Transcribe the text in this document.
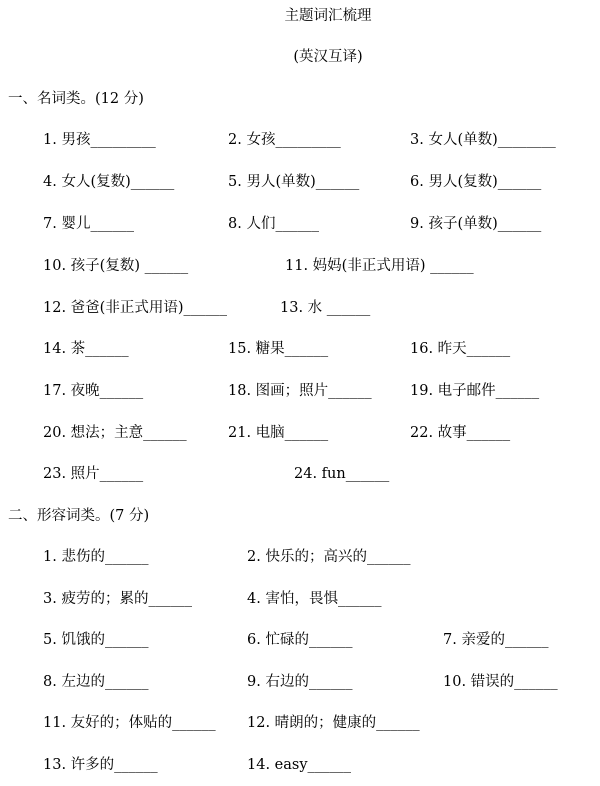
主题词汇梳理
(英汉互译)
一、名词类。(12 分)
1. 男孩_________	2. 女孩_________	3. 女人(单数)________
4. 女人(复数)______	5. 男人(单数)______	6. 男人(复数)______
7. 婴儿______	8. 人们______	9. 孩子(单数)______
10. 孩子(复数) ______	11. 妈妈(非正式用语) ______
12. 爸爸(非正式用语)______	13. 水 ______
14. 茶______	15. 糖果______	16. 昨天______
17. 夜晚______	18. 图画；照片______	19. 电子邮件______
20. 想法；主意______	21. 电脑______	22. 故事______
23. 照片______	24. fun______
二、形容词类。(7 分)
1. 悲伤的______	2. 快乐的；高兴的______
3. 疲劳的；累的______	4. 害怕，畏惧______
5. 饥饿的______	6. 忙碌的______	7. 亲爱的______
8. 左边的______	9. 右边的______	10. 错误的______
11. 友好的；体贴的______ 12. 晴朗的；健康的______
13. 许多的______	14. easy______
